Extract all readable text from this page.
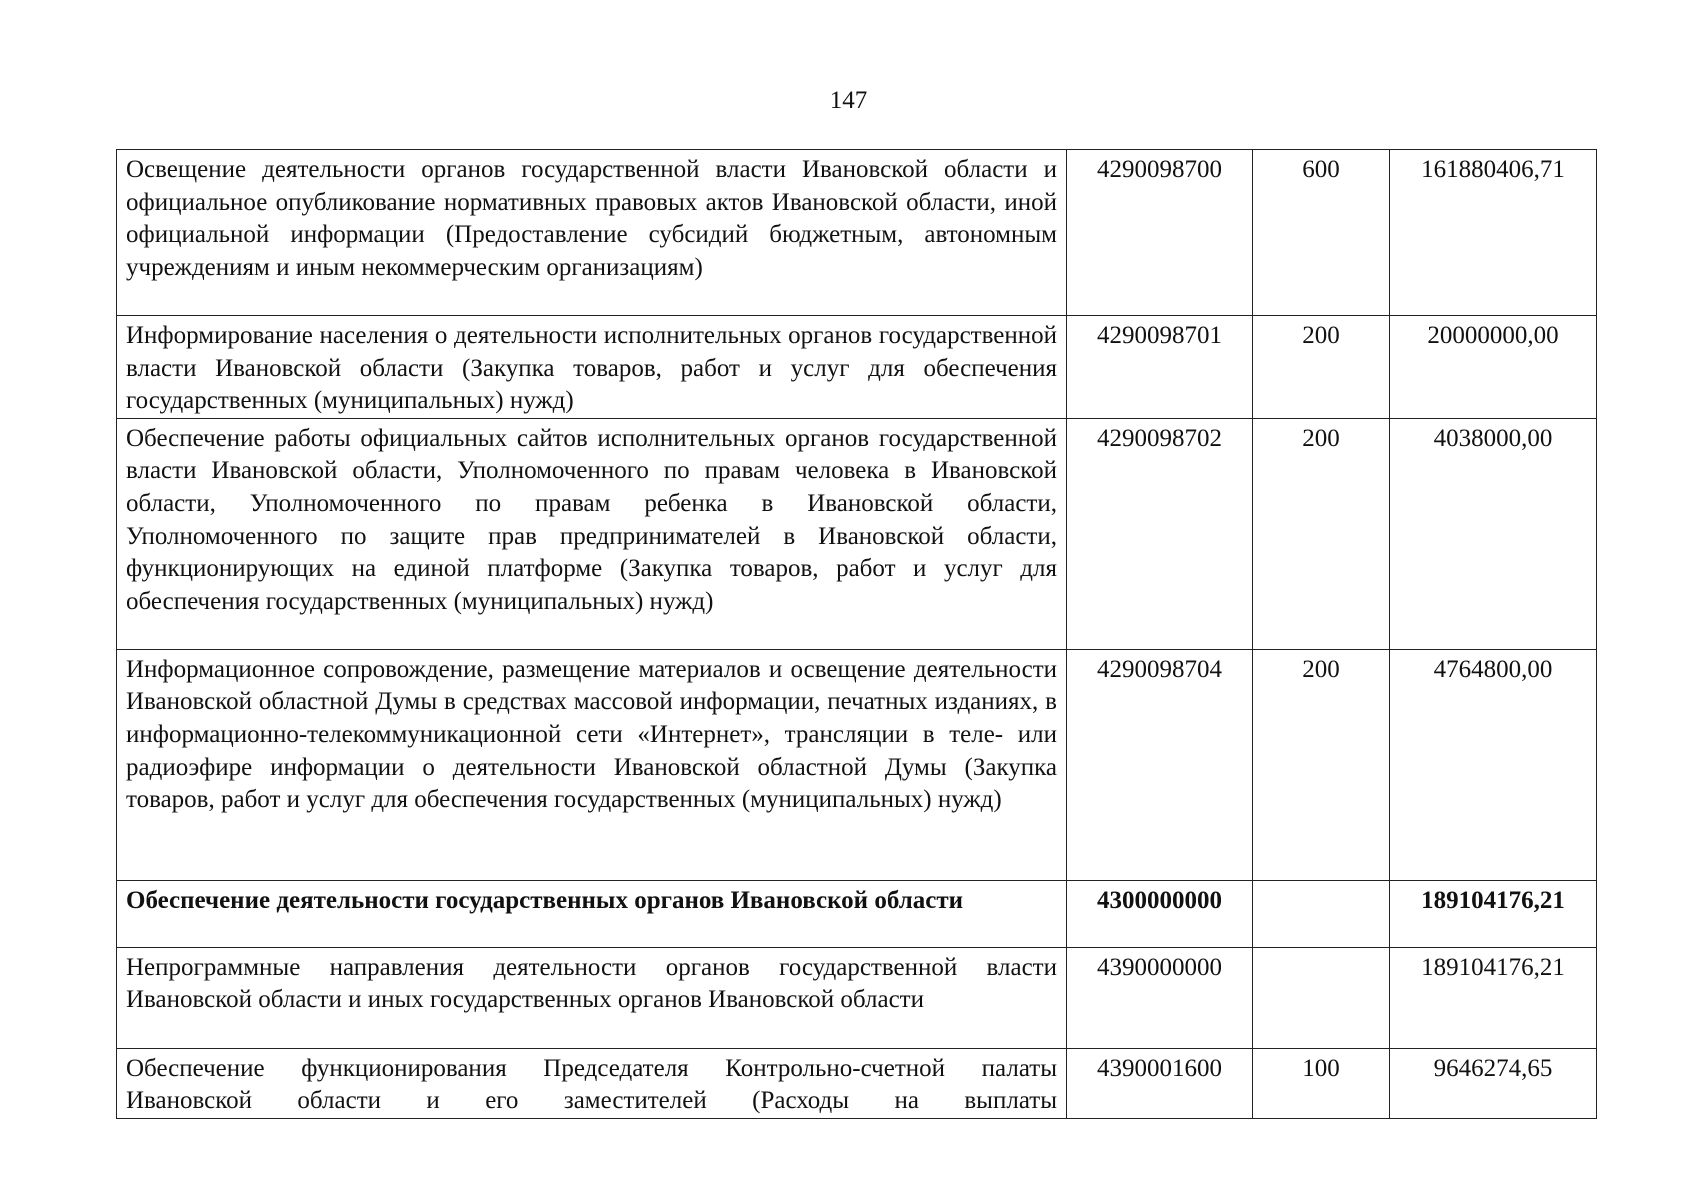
147
Освещение деятельности органов государственной власти Ивановской области и официальное опубликование нормативных правовых актов Ивановской области, иной официальной информации (Предоставление субсидий бюджетным, автономным учреждениям и иным некоммерческим организациям)	4290098700	600	161880406,71
Информирование населения о деятельности исполнительных органов государственной власти Ивановской области (Закупка товаров, работ и услуг для обеспечения государственных (муниципальных) нужд)	4290098701	200	20000000,00
Обеспечение работы официальных сайтов исполнительных органов государственной власти Ивановской области, Уполномоченного по правам человека в Ивановской области, Уполномоченного по правам ребенка в Ивановской области, Уполномоченного по защите прав предпринимателей в Ивановской области, функционирующих на единой платформе (Закупка товаров, работ и услуг для обеспечения государственных (муниципальных) нужд)	4290098702	200	4038000,00
Информационное сопровождение, размещение материалов и освещение деятельности Ивановской областной Думы в средствах массовой информации, печатных изданиях, в информационно-телекоммуникационной сети «Интернет», трансляции в теле- или радиоэфире информации о деятельности Ивановской областной Думы (Закупка товаров, работ и услуг для обеспечения государственных (муниципальных) нужд)	4290098704	200	4764800,00
Обеспечение деятельности государственных органов Ивановской области	4300000000		189104176,21
Непрограммные направления деятельности органов государственной власти Ивановской области и иных государственных органов Ивановской области	4390000000		189104176,21
Обеспечение функционирования Председателя Контрольно-счетной палаты Ивановской области и его заместителей (Расходы на выплаты	4390001600	100	9646274,65
